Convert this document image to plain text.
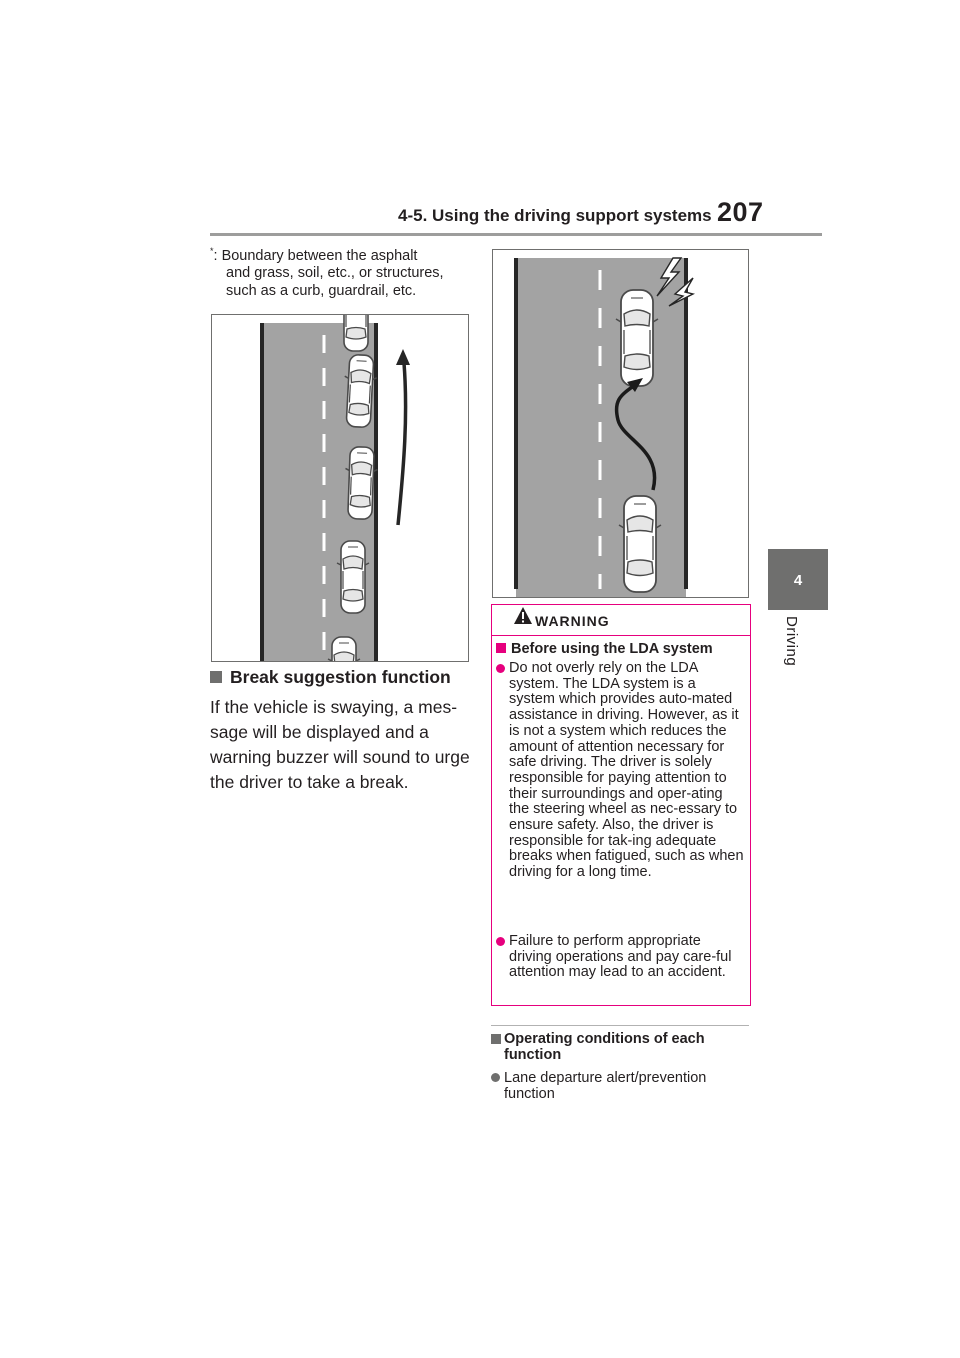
4-5. Using the driving support systems 207
4
Driving
*: Boundary between the asphalt
and grass, soil, etc., or structures,
such as a curb, guardrail, etc.
Break suggestion function
If the vehicle is swaying, a mes-sage will be displayed and a warning buzzer will sound to urge the driver to take a break.
WARNING
Before using the LDA system
Do not overly rely on the LDA system. The LDA system is a system which provides auto-mated assistance in driving. However, as it is not a system which reduces the amount of attention necessary for safe driving. The driver is solely responsible for paying attention to their surroundings and oper-ating the steering wheel as nec-essary to ensure safety. Also, the driver is responsible for tak-ing adequate breaks when fatigued, such as when driving for a long time.
Failure to perform appropriate driving operations and pay care-ful attention may lead to an accident.
Operating conditions of each function
Lane departure alert/prevention function
